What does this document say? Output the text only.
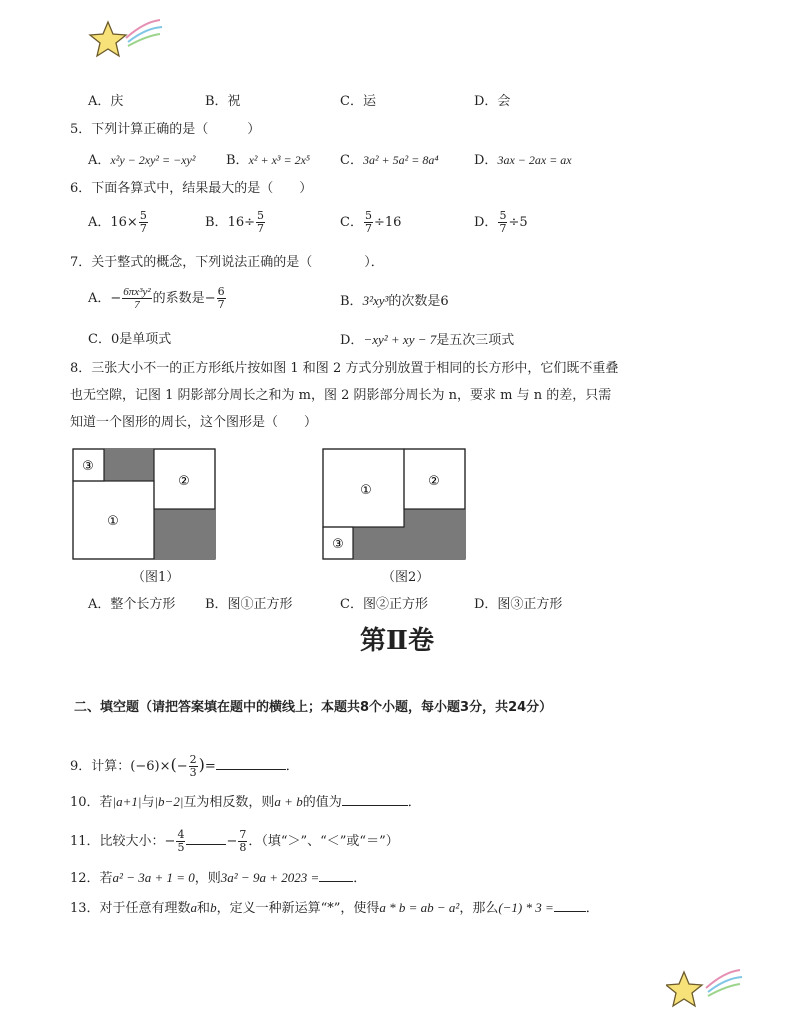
A．庆	B．祝	C．运	D．会
5．下列计算正确的是（　　　）
A．x²y − 2xy² = −xy² B．x² + x³ = 2x⁵ C．3a² + 5a² = 8a⁴	D．3ax − 2ax = ax
6．下面各算式中，结果最大的是（　　）
A．$16\times \frac{5}{7}$	B．$16\div \frac{5}{7}$	C． $\frac{5}{7} \div 16$	D． $\frac{5}{7} \div 5$
7．关于整式的概念，下列说法正确的是（　　　　）．
A．− $\frac{\text{6πx³y²}}{7}$ 的系数是− $\frac{6}{7}$	B．3²xy³的次数是6
C．0是单项式	D．−xy² + xy − 7是五次三项式
8．三张大小不一的正方形纸片按如图 1 和图 2 方式分别放置于相同的长方形中，它们既不重叠
也无空隙，记图 1 阴影部分周长之和为 m，图 2 阴影部分周长为 n，要求 m 与 n 的差，只需
知道一个图形的周长，这个图形是（　　）
③
①
②
（图1）
①
②
③
（图2）
A．整个长方形 B．图①正方形	C．图②正方形	D．图③正方形
第Ⅱ卷
二、填空题（请把答案填在题中的横线上；本题共8个小题，每小题3分，共24分）
9．计算：$(-6)\times(- \frac{2}{3}$ )=	．
10．若|a+1|与|b−2|互为相反数，则a + b的值为	．
11．比较大小：− $\frac{4}{5}$	− $\frac{7}{8}$ ．（填“＞”、“＜”或“＝”）
12．若a² − 3a + 1 = 0，则3a² − 9a + 2023 =	．
13．对于任意有理数a和b，定义一种新运算“*”，使得a * b = ab − a²，那么(−1) * 3 = ．
